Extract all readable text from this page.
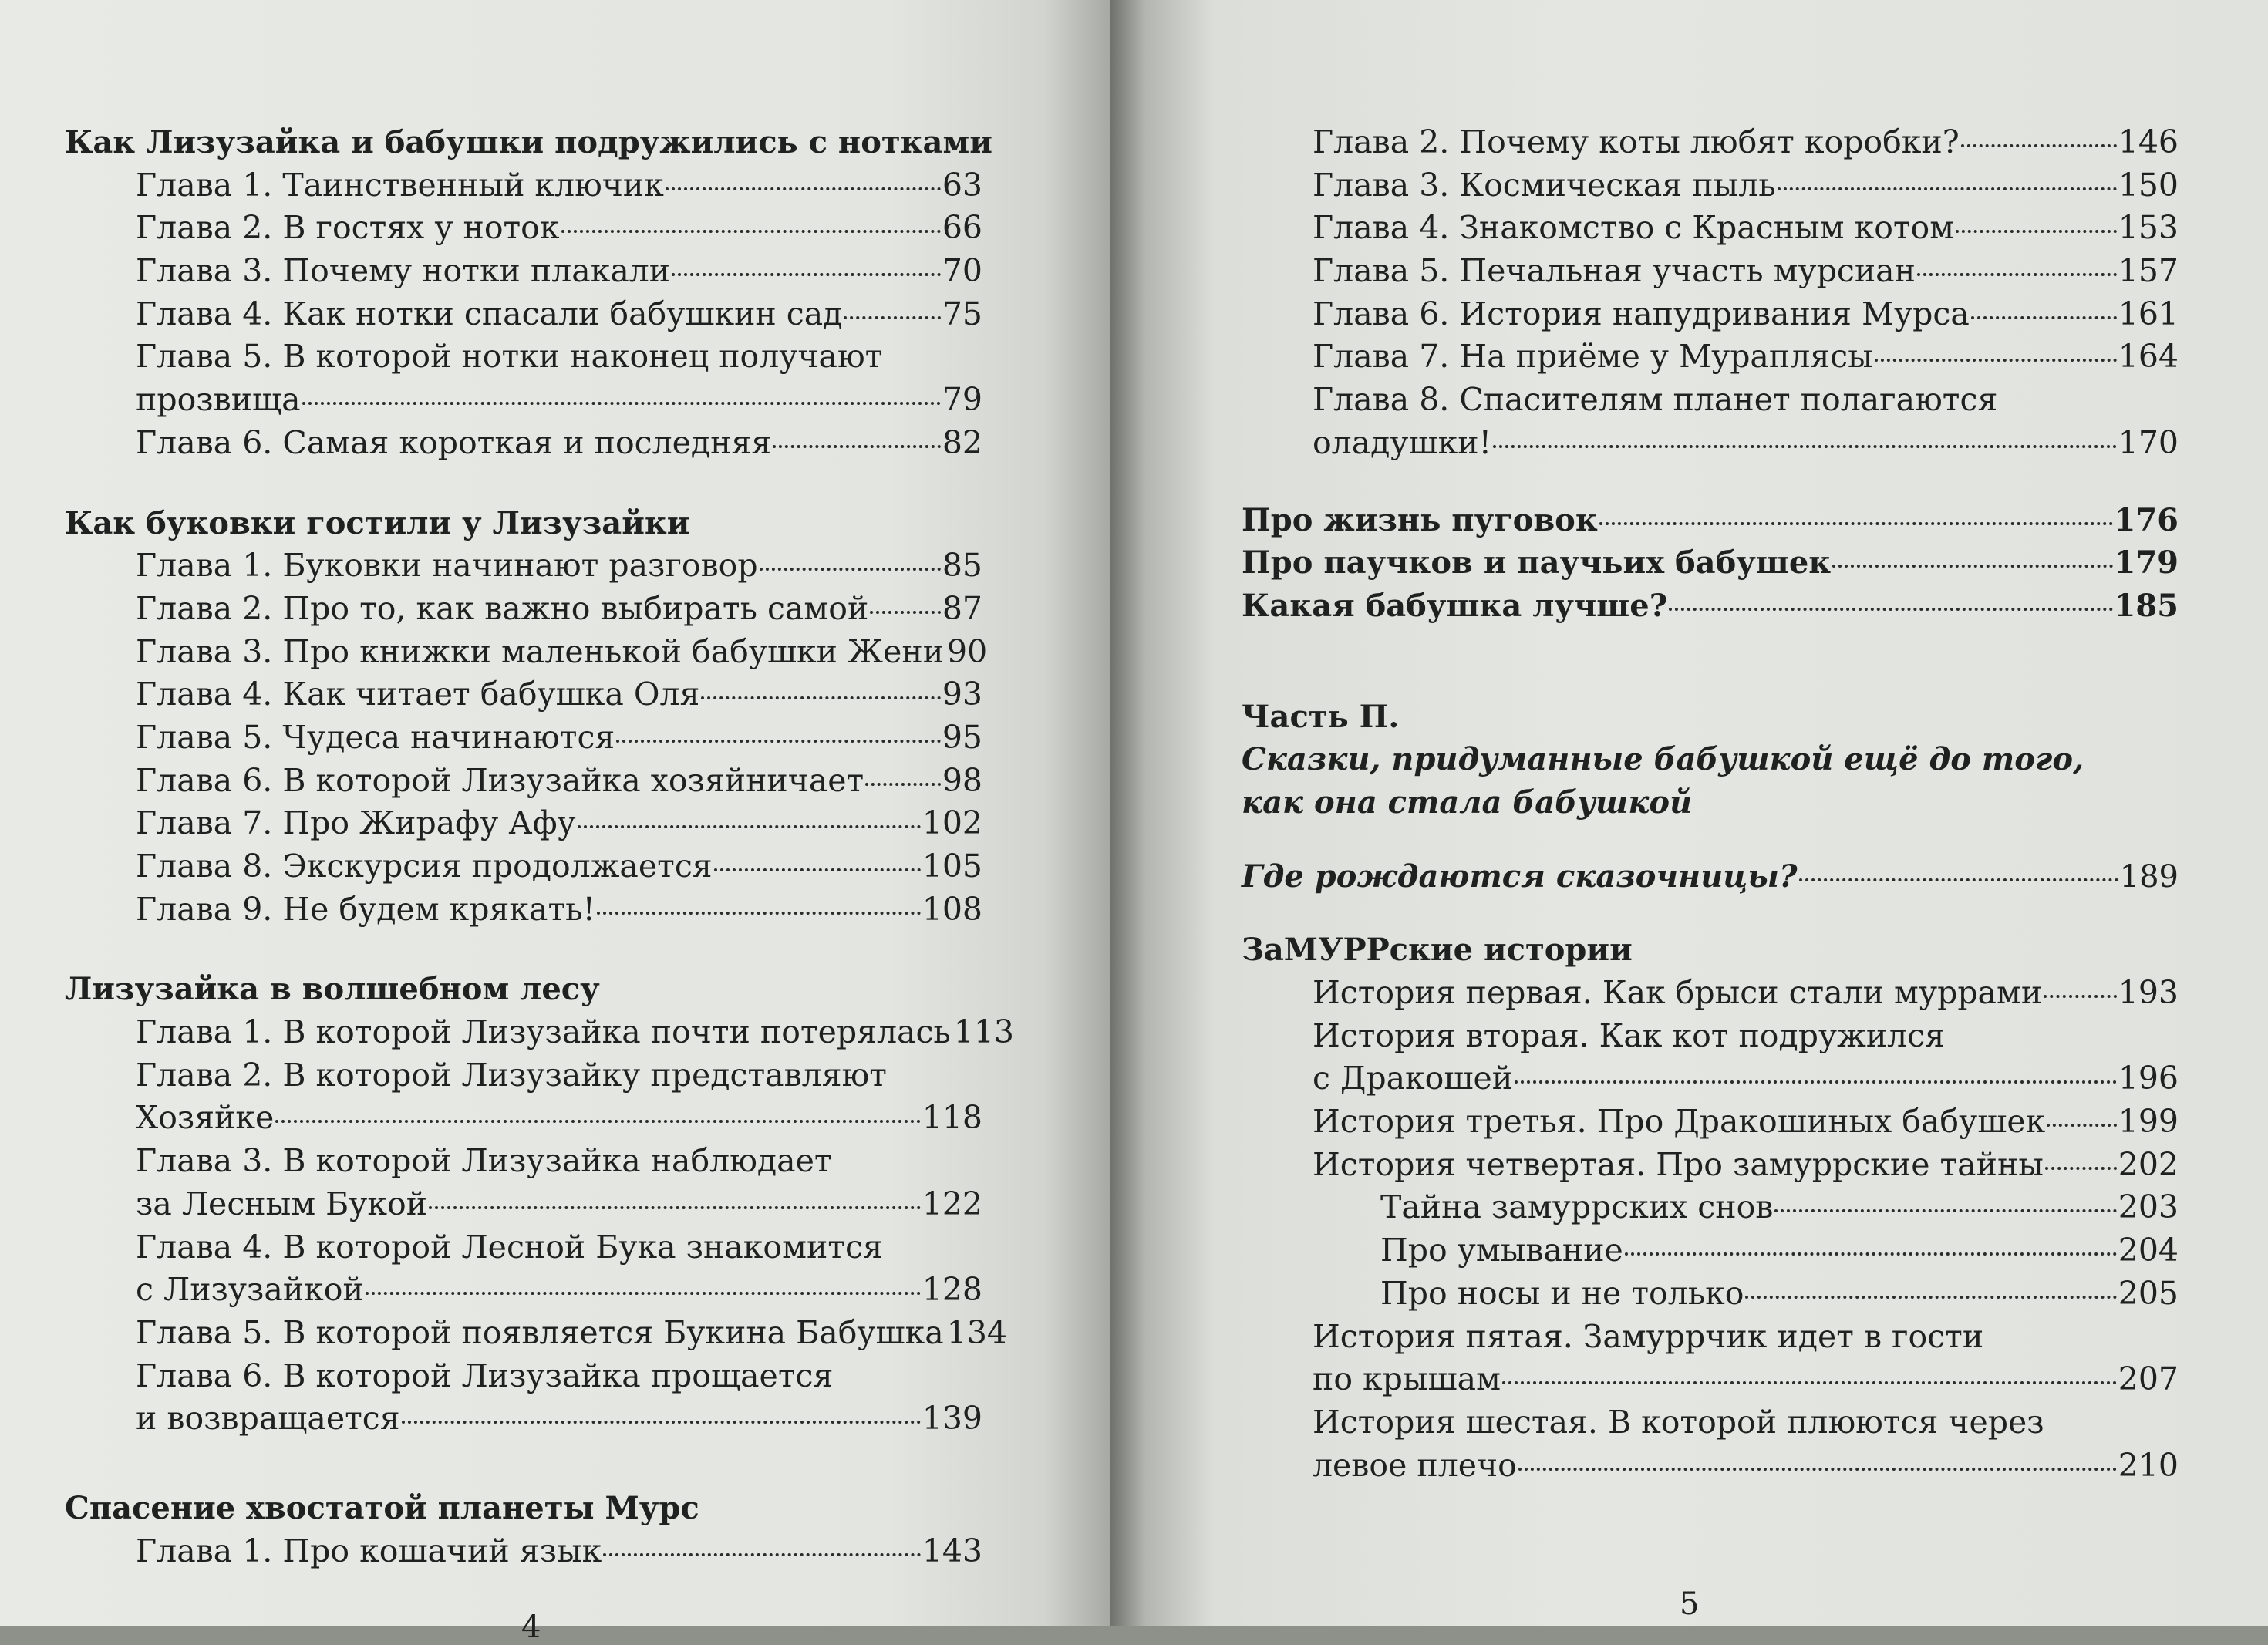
Как Лизузайка и бабушки подружились с нотками
Глава 1. Таинственный ключик	63
Глава 2. В гостях у ноток	66
Глава 3. Почему нотки плакали	70
Глава 4. Как нотки спасали бабушкин сад	75
Глава 5. В которой нотки наконец получают
прозвища	79
Глава 6. Самая короткая и последняя	82
Как буковки гостили у Лизузайки
Глава 1. Буковки начинают разговор	85
Глава 2. Про то, как важно выбирать самой 87
Глава 3. Про книжки маленькой бабушки Жени 90
Глава 4. Как читает бабушка Оля	93
Глава 5. Чудеса начинаются	95
Глава 6. В которой Лизузайка хозяйничает 98
Глава 7. Про Жирафу Афу	102
Глава 8. Экскурсия продолжается	105
Глава 9. Не будем крякать!	108
Лизузайка в волшебном лесу
Глава 1. В которой Лизузайка почти потерялась 113
Глава 2. В которой Лизузайку представляют
Хозяйке	118
Глава 3. В которой Лизузайка наблюдает
за Лесным Букой	122
Глава 4. В которой Лесной Бука знакомится
с Лизузайкой	128
Глава 5. В которой появляется Букина Бабушка 134
Глава 6. В которой Лизузайка прощается
и возвращается	139
Спасение хвостатой планеты Мурс
Глава 1. Про кошачий язык	143
4
Глава 2. Почему коты любят коробки?	146
Глава 3. Космическая пыль	150
Глава 4. Знакомство с Красным котом	153
Глава 5. Печальная участь мурсиан	157
Глава 6. История напудривания Мурса	161
Глава 7. На приёме у Мураплясы	164
Глава 8. Спасителям планет полагаются
оладушки!	170
Про жизнь пуговок	176
Про паучков и паучьих бабушек	179
Какая бабушка лучше?	185
Часть П.
Сказки, придуманные бабушкой ещё до того,
как она стала бабушкой
Где рождаются сказочницы?	189
ЗаМУРРские истории
История первая. Как брыси стали муррами 193
История вторая. Как кот подружился
с Дракошей	196
История третья. Про Дракошиных бабушек 199
История четвертая. Про замуррские тайны 202
Тайна замуррских снов	203
Про умывание	204
Про носы и не только	205
История пятая. Замуррчик идет в гости
по крышам	207
История шестая. В которой плюются через
левое плечо	210
5
